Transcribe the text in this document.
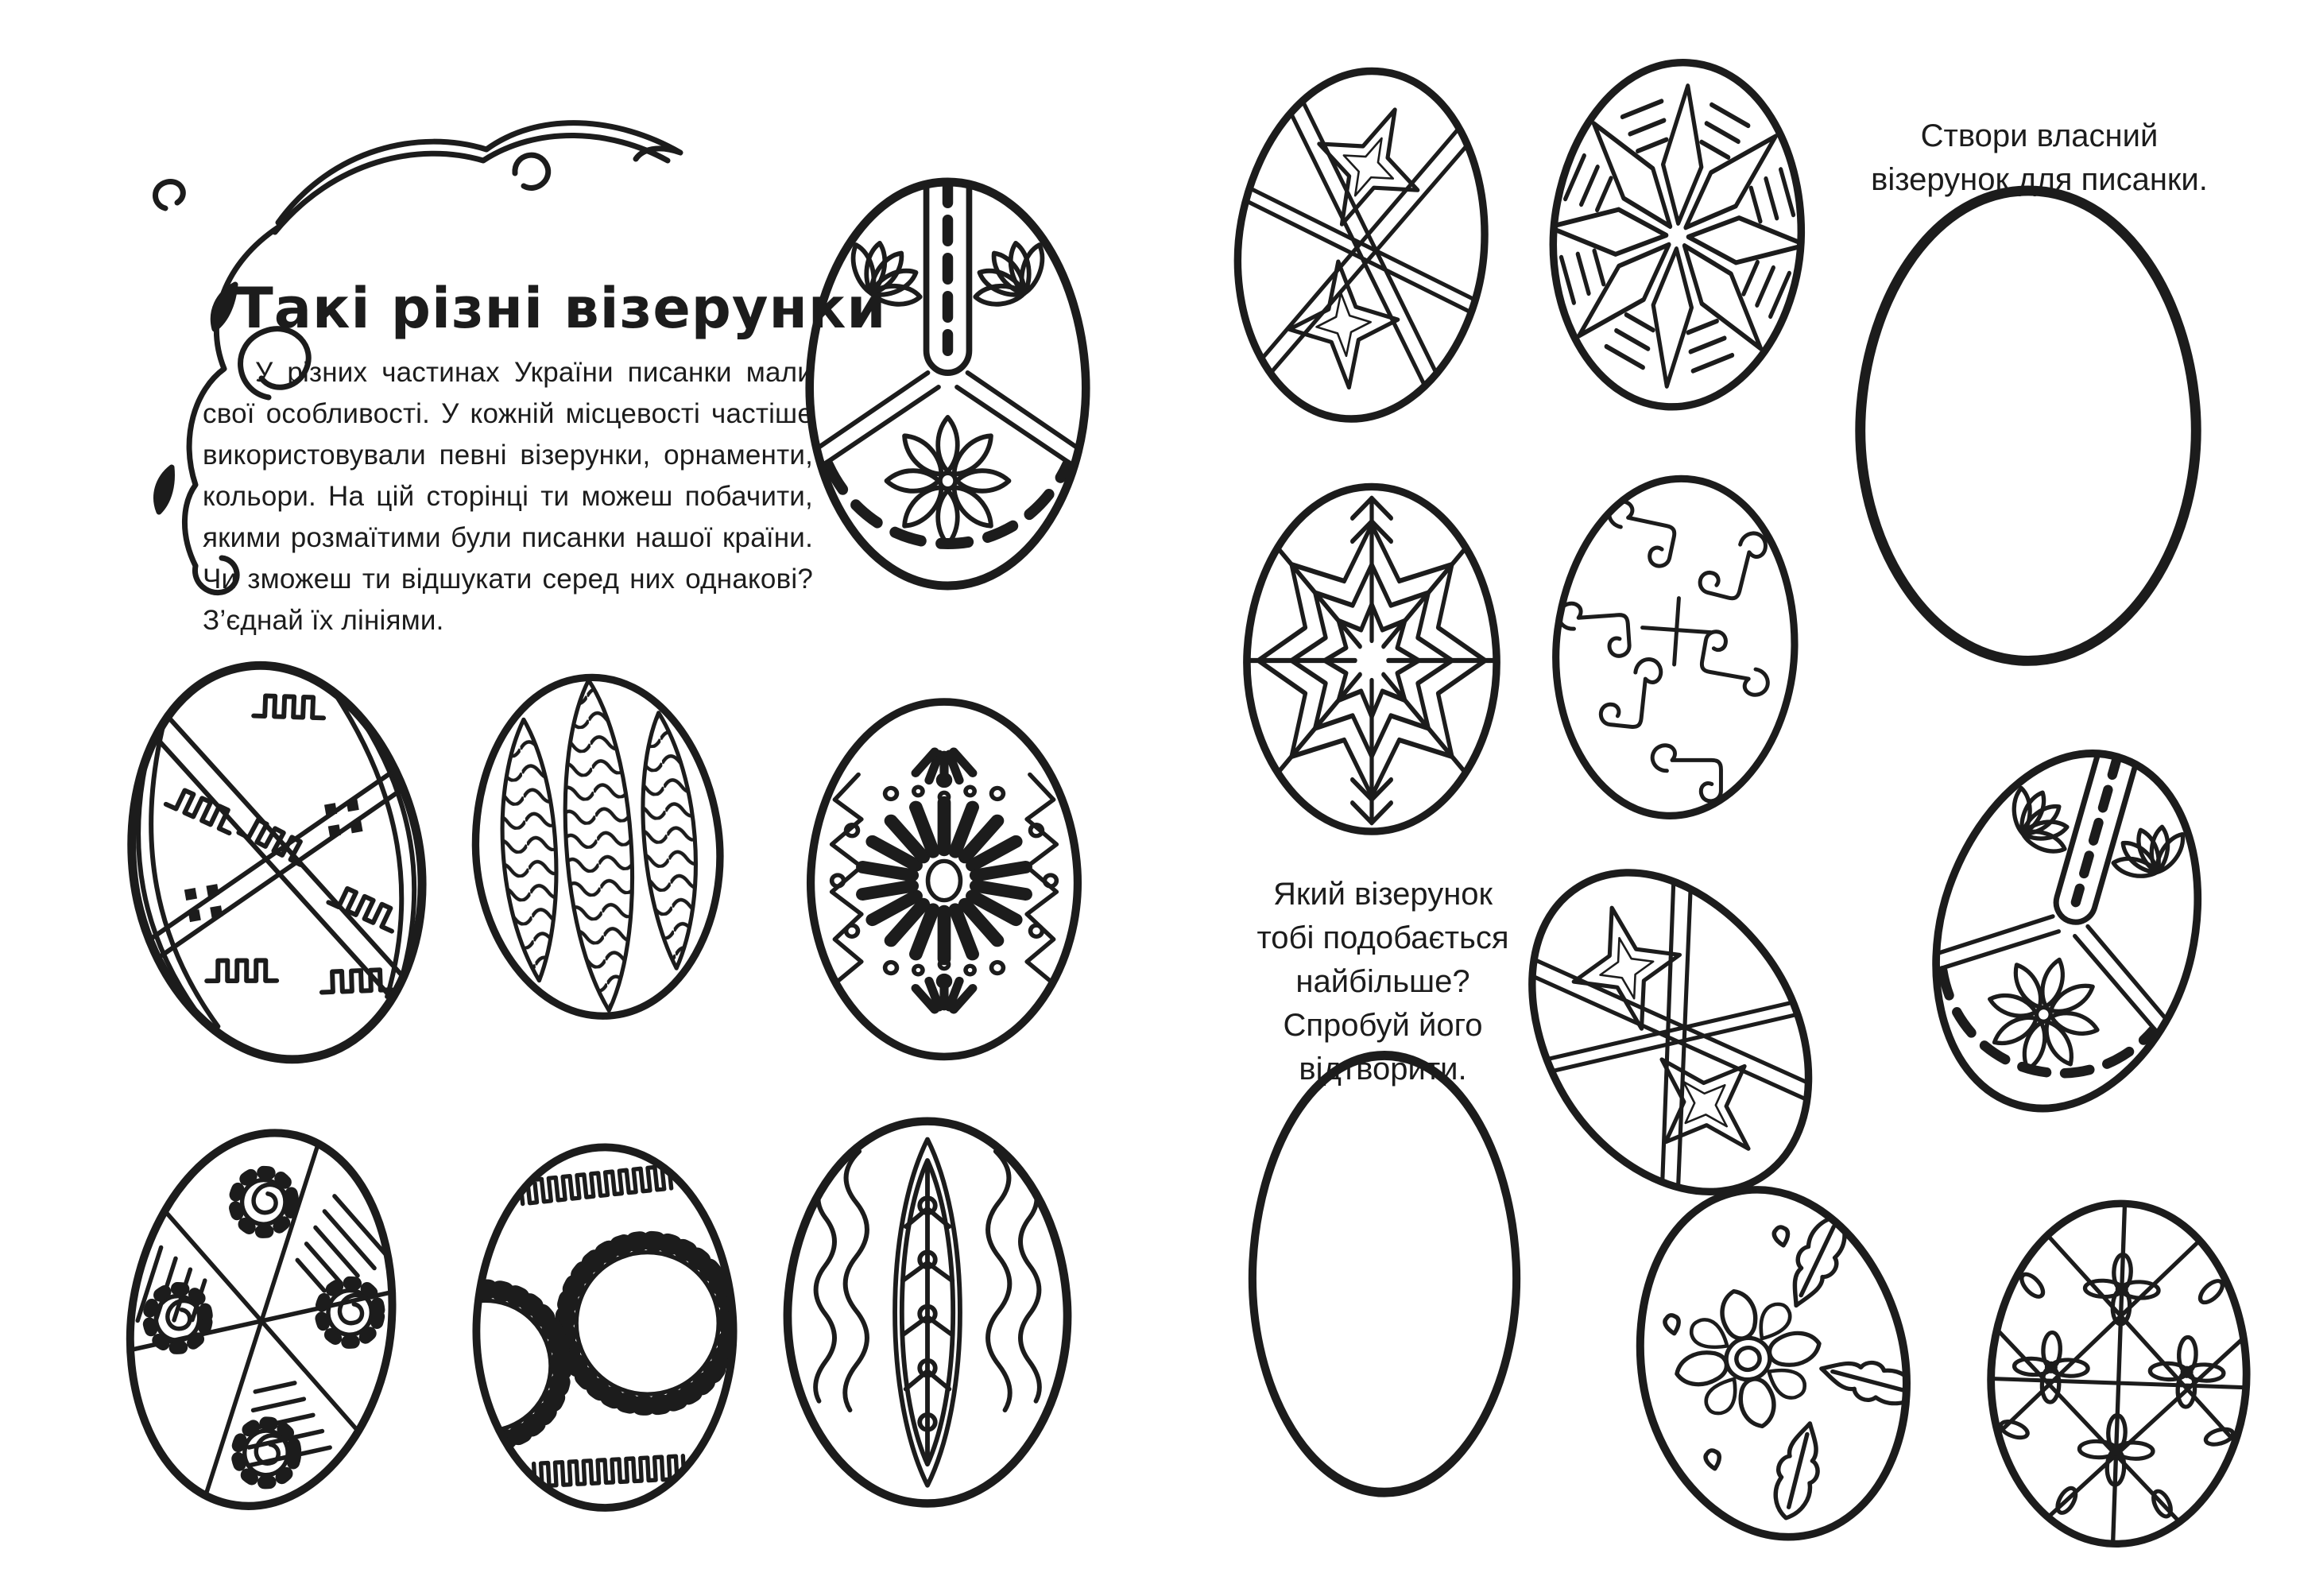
Такі різні візерунки

У різних частинах України писанки мали свої особливості. У кожній місцевості частіше використовували певні візерунки, орнаменти, кольори. На цій сторінці ти можеш побачити, якими розмаїтими були писанки нашої країни. Чи зможеш ти відшукати серед них однакові? З’єднай їх лініями.

Створи власний візерунок для писанки.

Який візерунок тобі подобається найбільше? Спробуй його відтворити.
